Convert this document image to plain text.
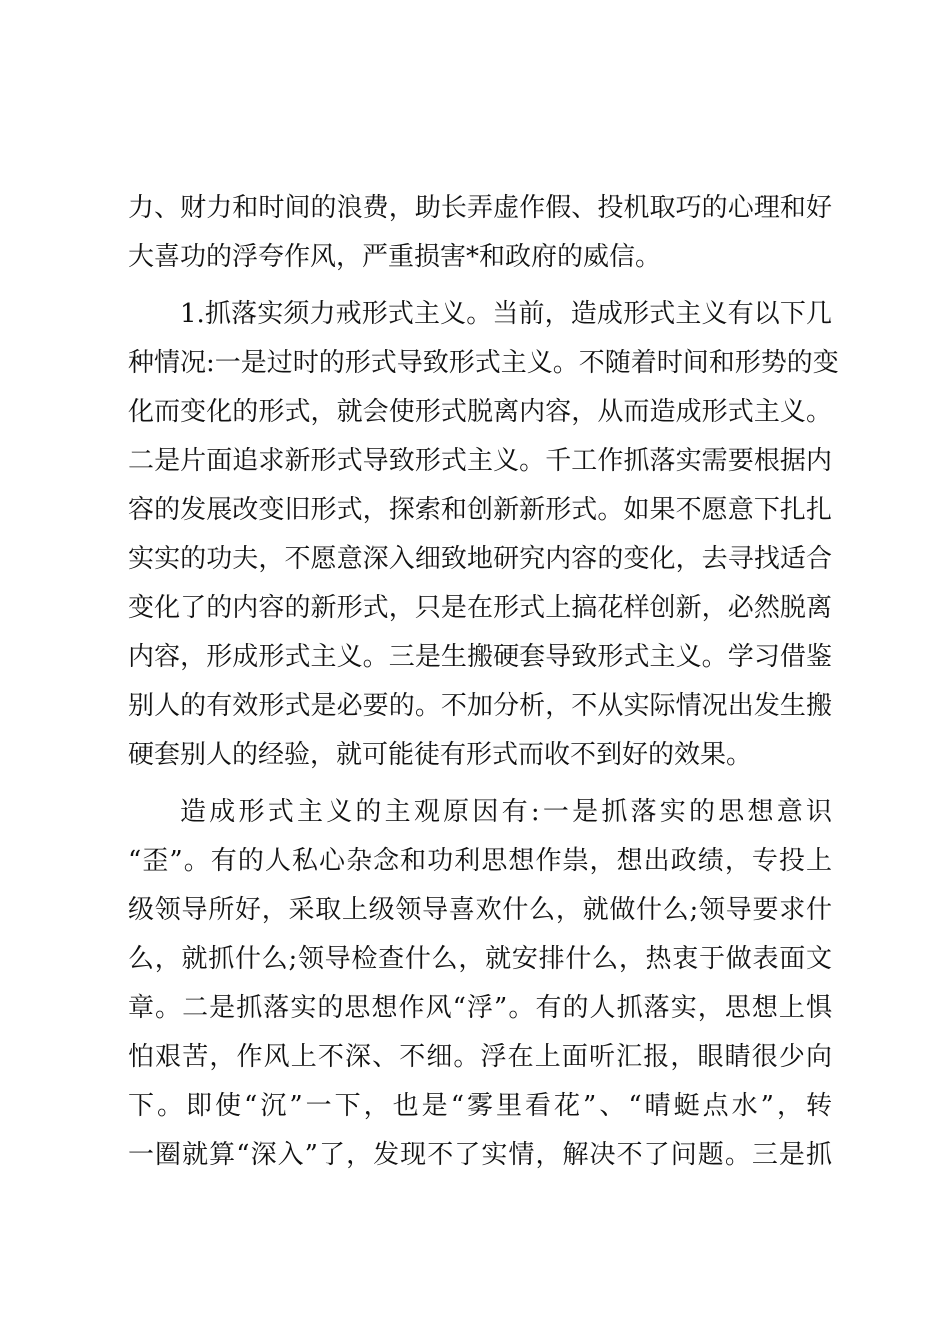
力、财力和时间的浪费，助长弄虚作假、投机取巧的心理和好
大喜功的浮夸作风，严重损害*和政府的威信。
1.抓落实须力戒形式主义。当前，造成形式主义有以下几
种情况:一是过时的形式导致形式主义。不随着时间和形势的变
化而变化的形式，就会使形式脱离内容，从而造成形式主义。
二是片面追求新形式导致形式主义。千工作抓落实需要根据内
容的发展改变旧形式，探索和创新新形式。如果不愿意下扎扎
实实的功夫，不愿意深入细致地研究内容的变化，去寻找适合
变化了的内容的新形式，只是在形式上搞花样创新，必然脱离
内容，形成形式主义。三是生搬硬套导致形式主义。学习借鉴
别人的有效形式是必要的。不加分析，不从实际情况出发生搬
硬套别人的经验，就可能徒有形式而收不到好的效果。
造成形式主义的主观原因有:一是抓落实的思想意识
“歪”。有的人私心杂念和功利思想作祟，想出政绩，专投上
级领导所好，采取上级领导喜欢什么，就做什么;领导要求什
么，就抓什么;领导检查什么，就安排什么，热衷于做表面文
章。二是抓落实的思想作风“浮”。有的人抓落实，思想上惧
怕艰苦，作风上不深、不细。浮在上面听汇报，眼睛很少向
下。即使“沉”一下，也是“雾里看花”、“晴蜓点水”，转
一圈就算“深入”了，发现不了实情，解决不了问题。三是抓
